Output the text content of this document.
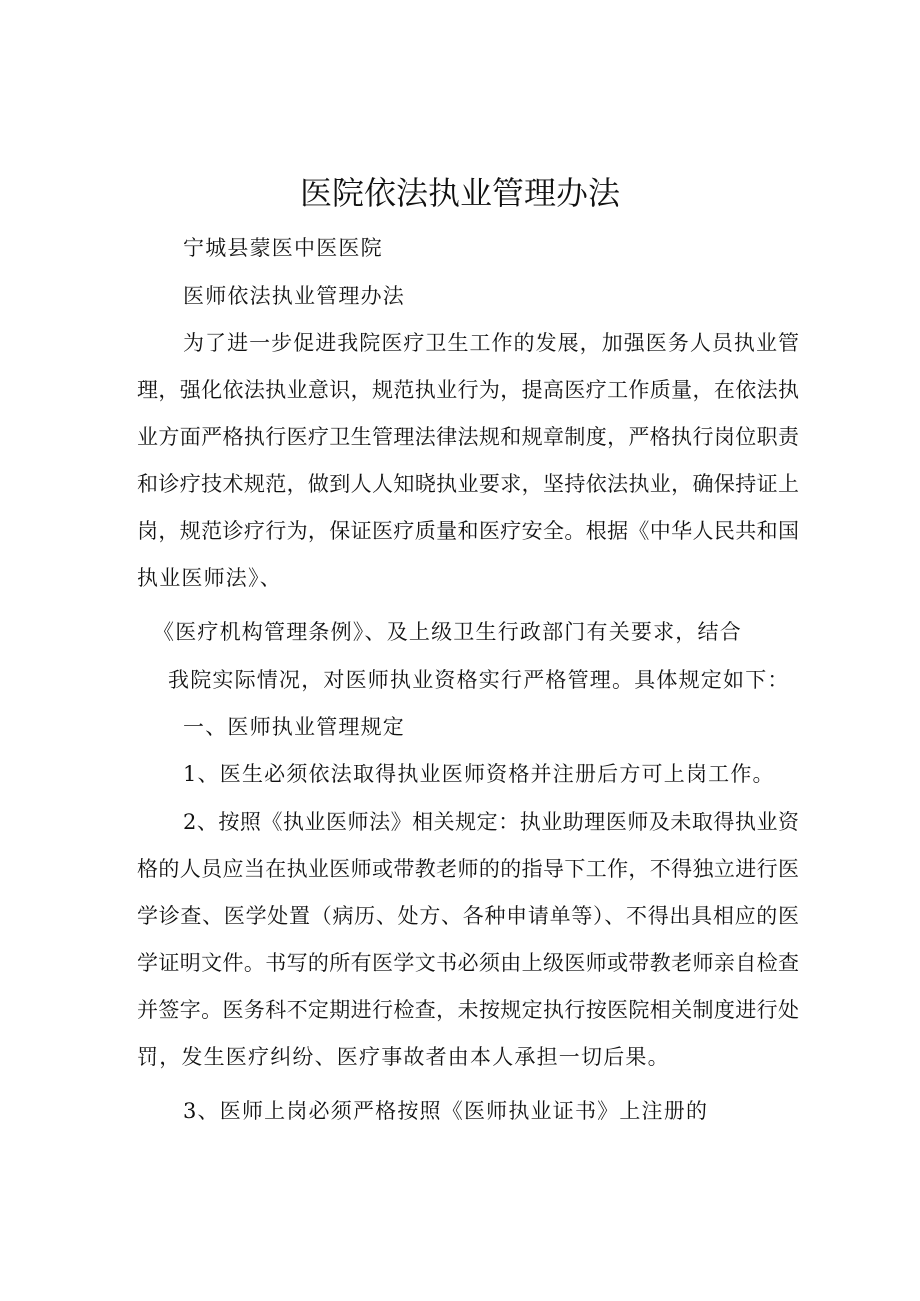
医院依法执业管理办法
宁城县蒙医中医医院
医师依法执业管理办法
为了进一步促进我院医疗卫生工作的发展，加强医务人员执业管
理，强化依法执业意识，规范执业行为，提高医疗工作质量，在依法执
业方面严格执行医疗卫生管理法律法规和规章制度，严格执行岗位职责
和诊疗技术规范，做到人人知晓执业要求，坚持依法执业，确保持证上
岗，规范诊疗行为，保证医疗质量和医疗安全。根据《中华人民共和国
执业医师法》、
《医疗机构管理条例》、及上级卫生行政部门有关要求，结合
我院实际情况，对医师执业资格实行严格管理。具体规定如下：
一、医师执业管理规定
1、医生必须依法取得执业医师资格并注册后方可上岗工作。
2、按照《执业医师法》相关规定：执业助理医师及未取得执业资
格的人员应当在执业医师或带教老师的的指导下工作，不得独立进行医
学诊查、医学处置（病历、处方、各种申请单等）、不得出具相应的医
学证明文件。书写的所有医学文书必须由上级医师或带教老师亲自检查
并签字。医务科不定期进行检查，未按规定执行按医院相关制度进行处
罚，发生医疗纠纷、医疗事故者由本人承担一切后果。
3、医师上岗必须严格按照《医师执业证书》上注册的
